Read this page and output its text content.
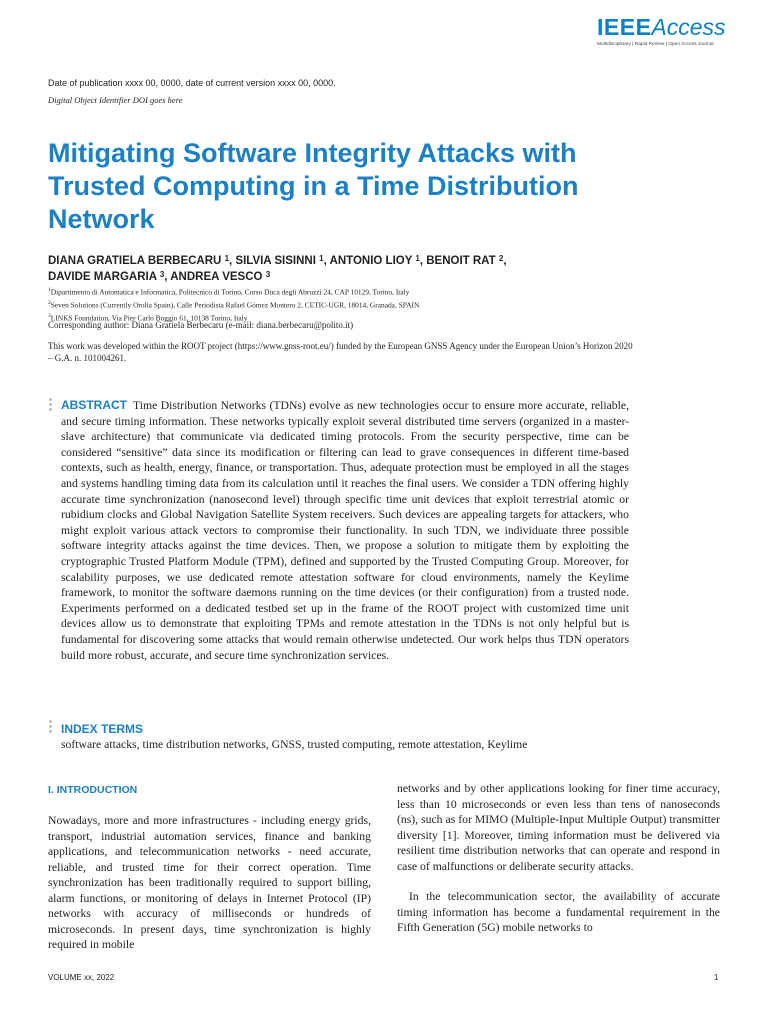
IEEEAccess
Multidisciplinary | Rapid Review | Open Access Journal
Date of publication xxxx 00, 0000, date of current version xxxx 00, 0000.
Digital Object Identifier DOI goes here
Mitigating Software Integrity Attacks with Trusted Computing in a Time Distribution Network
DIANA GRATIELA BERBECARU $^1$, SILVIA SISINNI $^1$, ANTONIO LIOY $^1$, BENOIT RAT $^2$,
DAVIDE MARGARIA $^3$, ANDREA VESCO $^3$
$^1$Dipartimento di Automatica e Informatica, Politecnico di Torino, Corso Duca degli Abruzzi 24, CAP 10129, Torino, Italy
$^2$Seven Solutions (Currently Orolia Spain), Calle Periodista Rafael Gómez Montero 2, CETIC-UGR, 18014, Granada, SPAIN
$^3$LINKS Foundation, Via Pier Carlo Boggio 61, 10138 Torino, Italy
Corresponding author: Diana Gratiela Berbecaru (e-mail: diana.berbecaru@polito.it)
This work was developed within the ROOT project (https://www.gnss-root.eu/) funded by the European GNSS Agency under the European Union’s Horizon 2020 – G.A. n. 101004261.
ABSTRACT Time Distribution Networks (TDNs) evolve as new technologies occur to ensure more accurate, reliable, and secure timing information. These networks typically exploit several distributed time servers (organized in a master-slave architecture) that communicate via dedicated timing protocols. From the security perspective, time can be considered “sensitive” data since its modification or filtering can lead to grave consequences in different time-based contexts, such as health, energy, finance, or transportation. Thus, adequate protection must be employed in all the stages and systems handling timing data from its calculation until it reaches the final users. We consider a TDN offering highly accurate time synchronization (nanosecond level) through specific time unit devices that exploit terrestrial atomic or rubidium clocks and Global Navigation Satellite System receivers. Such devices are appealing targets for attackers, who might exploit various attack vectors to compromise their functionality. In such TDN, we individuate three possible software integrity attacks against the time devices. Then, we propose a solution to mitigate them by exploiting the cryptographic Trusted Platform Module (TPM), defined and supported by the Trusted Computing Group. Moreover, for scalability purposes, we use dedicated remote attestation software for cloud environments, namely the Keylime framework, to monitor the software daemons running on the time devices (or their configuration) from a trusted node. Experiments performed on a dedicated testbed set up in the frame of the ROOT project with customized time unit devices allow us to demonstrate that exploiting TPMs and remote attestation in the TDNs is not only helpful but is fundamental for discovering some attacks that would remain otherwise undetected. Our work helps thus TDN operators build more robust, accurate, and secure time synchronization services.
INDEX TERMS
software attacks, time distribution networks, GNSS, trusted computing, remote attestation, Keylime
I. INTRODUCTION

Nowadays, more and more infrastructures - including energy grids, transport, industrial automation services, finance and banking applications, and telecommunication networks - need accurate, reliable, and trusted time for their correct operation. Time synchronization has been traditionally required to support billing, alarm functions, or monitoring of delays in Internet Protocol (IP) networks with accuracy of milliseconds or hundreds of microseconds. In present days, time synchronization is highly required in mobile

networks and by other applications looking for finer time accuracy, less than 10 microseconds or even less than tens of nanoseconds (ns), such as for MIMO (Multiple-Input Multiple Output) transmitter diversity [1]. Moreover, timing information must be delivered via resilient time distribution networks that can operate and respond in case of malfunctions or deliberate security attacks.

In the telecommunication sector, the availability of accurate timing information has become a fundamental requirement in the Fifth Generation (5G) mobile networks to

VOLUME xx, 2022	1
